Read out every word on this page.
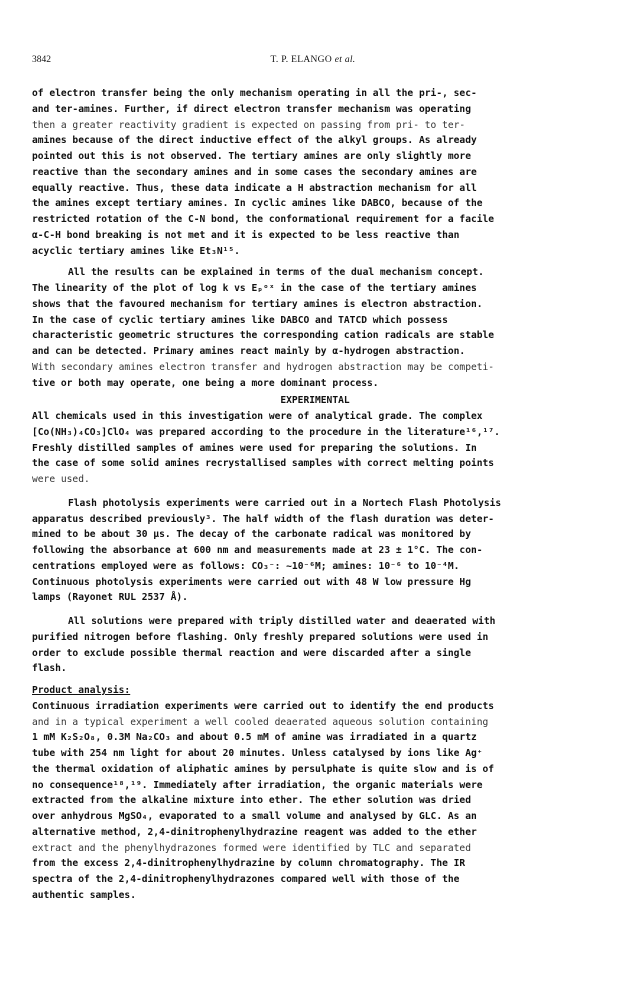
3842	T. P. ELANGO et al.
of electron transfer being the only mechanism operating in all the pri-, sec-
and ter-amines. Further, if direct electron transfer mechanism was operating
then a greater reactivity gradient is expected on passing from pri- to ter-
amines because of the direct inductive effect of the alkyl groups. As already
pointed out this is not observed. The tertiary amines are only slightly more
reactive than the secondary amines and in some cases the secondary amines are
equally reactive. Thus, these data indicate a H abstraction mechanism for all
the amines except tertiary amines. In cyclic amines like DABCO, because of the
restricted rotation of the C-N bond, the conformational requirement for a facile
α-C-H bond breaking is not met and it is expected to be less reactive than
acyclic tertiary amines like Et₃N¹⁵.
All the results can be explained in terms of the dual mechanism concept.
The linearity of the plot of log k vs Eₚᵒˣ in the case of the tertiary amines
shows that the favoured mechanism for tertiary amines is electron abstraction.
In the case of cyclic tertiary amines like DABCO and TATCD which possess
characteristic geometric structures the corresponding cation radicals are stable
and can be detected. Primary amines react mainly by α-hydrogen abstraction.
With secondary amines electron transfer and hydrogen abstraction may be competi-
tive or both may operate, one being a more dominant process.
EXPERIMENTAL
All chemicals used in this investigation were of analytical grade. The complex
[Co(NH₃)₄CO₃]ClO₄ was prepared according to the procedure in the literature¹⁶,¹⁷.
Freshly distilled samples of amines were used for preparing the solutions. In
the case of some solid amines recrystallised samples with correct melting points
were used.
Flash photolysis experiments were carried out in a Nortech Flash Photolysis
apparatus described previously³. The half width of the flash duration was deter-
mined to be about 30 μs. The decay of the carbonate radical was monitored by
following the absorbance at 600 nm and measurements made at 23 ± 1°C. The con-
centrations employed were as follows: CO₃⁻: ~10⁻⁶M; amines: 10⁻⁶ to 10⁻⁴M.
Continuous photolysis experiments were carried out with 48 W low pressure Hg
lamps (Rayonet RUL 2537 Å).
All solutions were prepared with triply distilled water and deaerated with
purified nitrogen before flashing. Only freshly prepared solutions were used in
order to exclude possible thermal reaction and were discarded after a single
flash.
Product analysis:
Continuous irradiation experiments were carried out to identify the end products
and in a typical experiment a well cooled deaerated aqueous solution containing
1 mM K₂S₂O₈, 0.3M Na₂CO₃ and about 0.5 mM of amine was irradiated in a quartz
tube with 254 nm light for about 20 minutes. Unless catalysed by ions like Ag⁺
the thermal oxidation of aliphatic amines by persulphate is quite slow and is of
no consequence¹⁸,¹⁹. Immediately after irradiation, the organic materials were
extracted from the alkaline mixture into ether. The ether solution was dried
over anhydrous MgSO₄, evaporated to a small volume and analysed by GLC. As an
alternative method, 2,4-dinitrophenylhydrazine reagent was added to the ether
extract and the phenylhydrazones formed were identified by TLC and separated
from the excess 2,4-dinitrophenylhydrazine by column chromatography. The IR
spectra of the 2,4-dinitrophenylhydrazones compared well with those of the
authentic samples.
